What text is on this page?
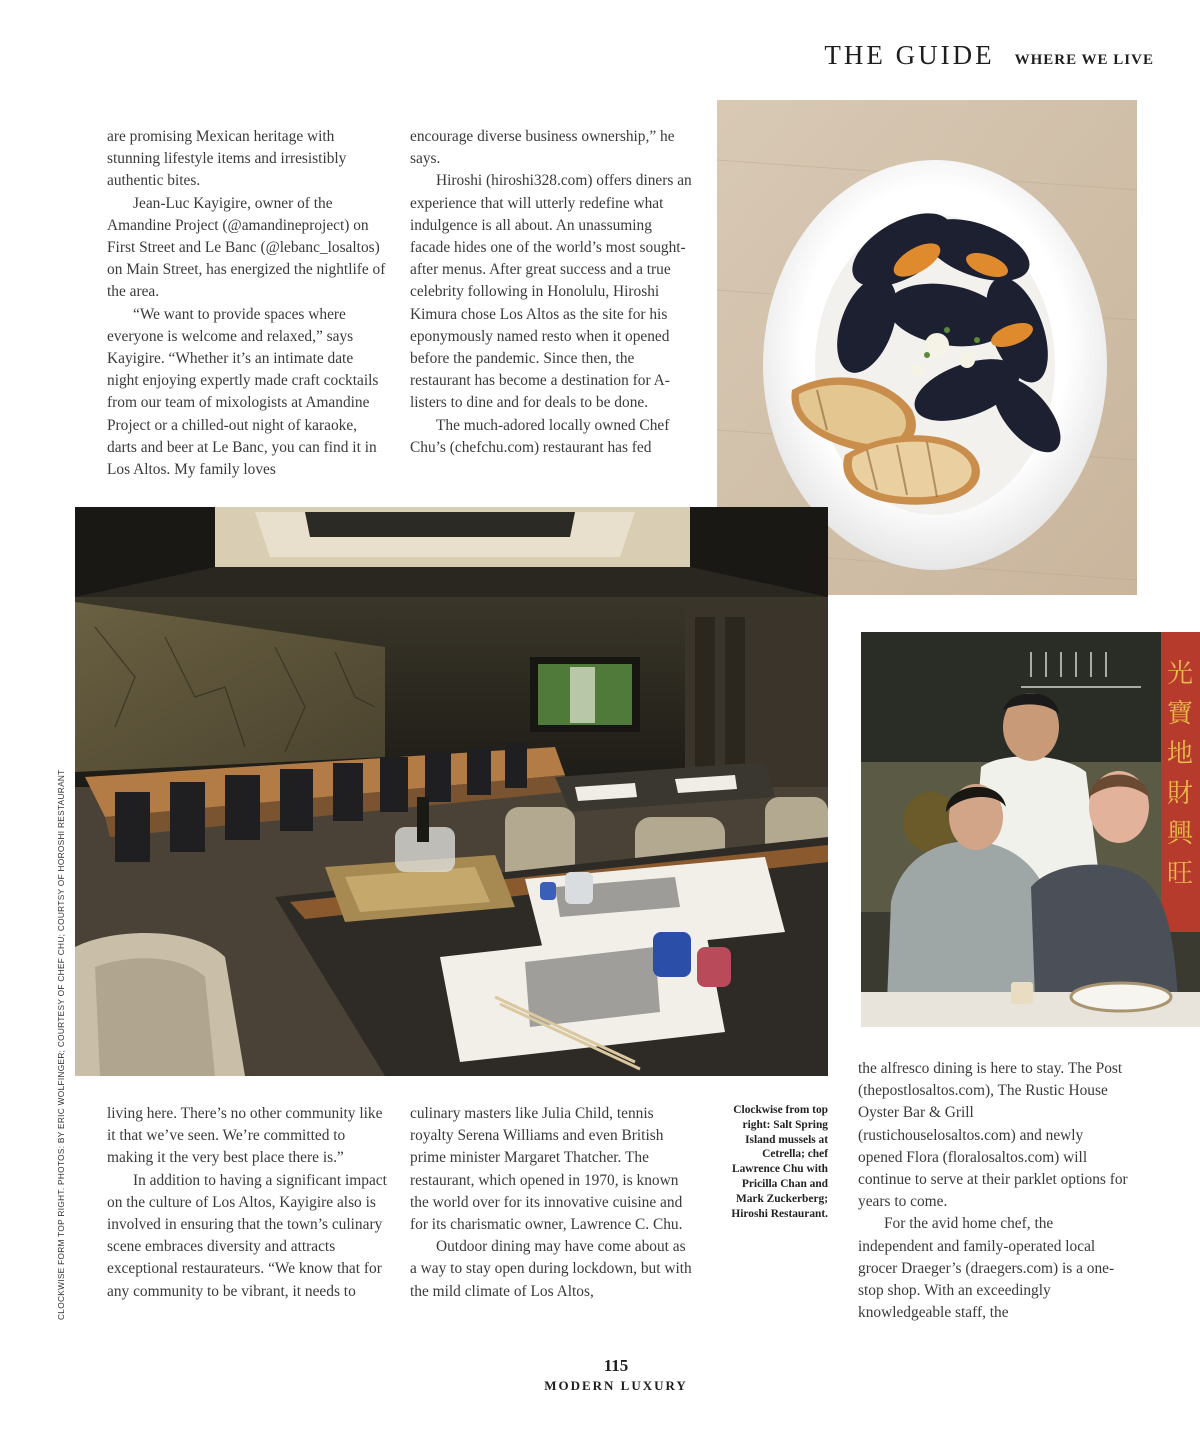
THE GUIDE WHERE WE LIVE

are promising Mexican heritage with stunning lifestyle items and irresistibly authentic bites.

Jean-Luc Kayigire, owner of the Amandine Project (@amandineproject) on First Street and Le Banc (@lebanc_losaltos) on Main Street, has energized the nightlife of the area.

“We want to provide spaces where everyone is welcome and relaxed,” says Kayigire. “Whether it’s an intimate date night enjoying expertly made craft cocktails from our team of mixologists at Amandine Project or a chilled-out night of karaoke, darts and beer at Le Banc, you can find it in Los Altos. My family loves

encourage diverse business ownership,” he says.

Hiroshi (hiroshi328.com) offers diners an experience that will utterly redefine what indulgence is all about. An unassuming facade hides one of the world’s most sought-after menus. After great success and a true celebrity following in Honolulu, Hiroshi Kimura chose Los Altos as the site for his eponymously named resto when it opened before the pandemic. Since then, the restaurant has become a destination for A-listers to dine and for deals to be done.

The much-adored locally owned Chef Chu’s (chefchu.com) restaurant has fed

光
寶
地
財
興
旺

living here. There’s no other community like it that we’ve seen. We’re committed to making it the very best place there is.”

In addition to having a significant impact on the culture of Los Altos, Kayigire also is involved in ensuring that the town’s culinary scene embraces diversity and attracts exceptional restaurateurs. “We know that for any community to be vibrant, it needs to

culinary masters like Julia Child, tennis royalty Serena Williams and even British prime minister Margaret Thatcher. The restaurant, which opened in 1970, is known the world over for its innovative cuisine and for its charismatic owner, Lawrence C. Chu.

Outdoor dining may have come about as a way to stay open during lockdown, but with the mild climate of Los Altos,

Clockwise from top right: Salt Spring Island mussels at Cetrella; chef Lawrence Chu with Pricilla Chan and Mark Zuckerberg; Hiroshi Restaurant.

the alfresco dining is here to stay. The Post (thepostlosaltos.com), The Rustic House Oyster Bar & Grill (rustichouselosaltos.com) and newly opened Flora (floralosaltos.com) will continue to serve at their parklet options for years to come.

For the avid home chef, the independent and family-operated local grocer Draeger’s (draegers.com) is a one-stop shop. With an exceedingly knowledgeable staff, the

CLOCKWISE FORM TOP RIGHT. PHOTOS: BY ERIC WOLFINGER; COURTESY OF CHEF CHU; COURTSY OF HOROSHI RESTAURANT
115
MODERN LUXURY
